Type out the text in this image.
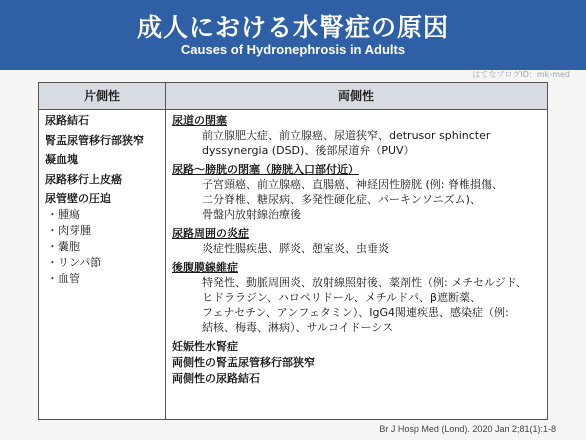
成人における水腎症の原因
Causes of Hydronephrosis in Adults
はてなブログID：mk-med
片側性	両側性
尿路結石
腎盂尿管移行部狭窄
凝血塊
尿路移行上皮癌
尿管壁の圧迫
・腫瘍
・肉芽腫
・嚢胞
・リンパ節
・血管
尿道の閉塞
前立腺肥大症、前立腺癌、尿道狭窄、detrusor sphincter
dyssynergia (DSD)、後部尿道弁（PUV）
尿路～膀胱の閉塞（膀胱入口部付近）
子宮頸癌、前立腺癌、直腸癌、神経因性膀胱 (例: 脊椎損傷、
二分脊椎、糖尿病、多発性硬化症、パーキンソニズム)、
骨盤内放射線治療後
尿路周囲の炎症
炎症性腸疾患、膵炎、憩室炎、虫垂炎
後腹膜線維症
特発性、動脈周囲炎、放射線照射後、薬剤性（例: メチセルジド、
ヒドララジン、ハロペリドール、メチルドパ、β遮断薬、
フェナセチン、アンフェタミン）、IgG4関連疾患、感染症（例:
結核、梅毒、淋病）、サルコイドーシス
妊娠性水腎症
両側性の腎盂尿管移行部狭窄
両側性の尿路結石
Br J Hosp Med (Lond). 2020 Jan 2;81(1):1-8
